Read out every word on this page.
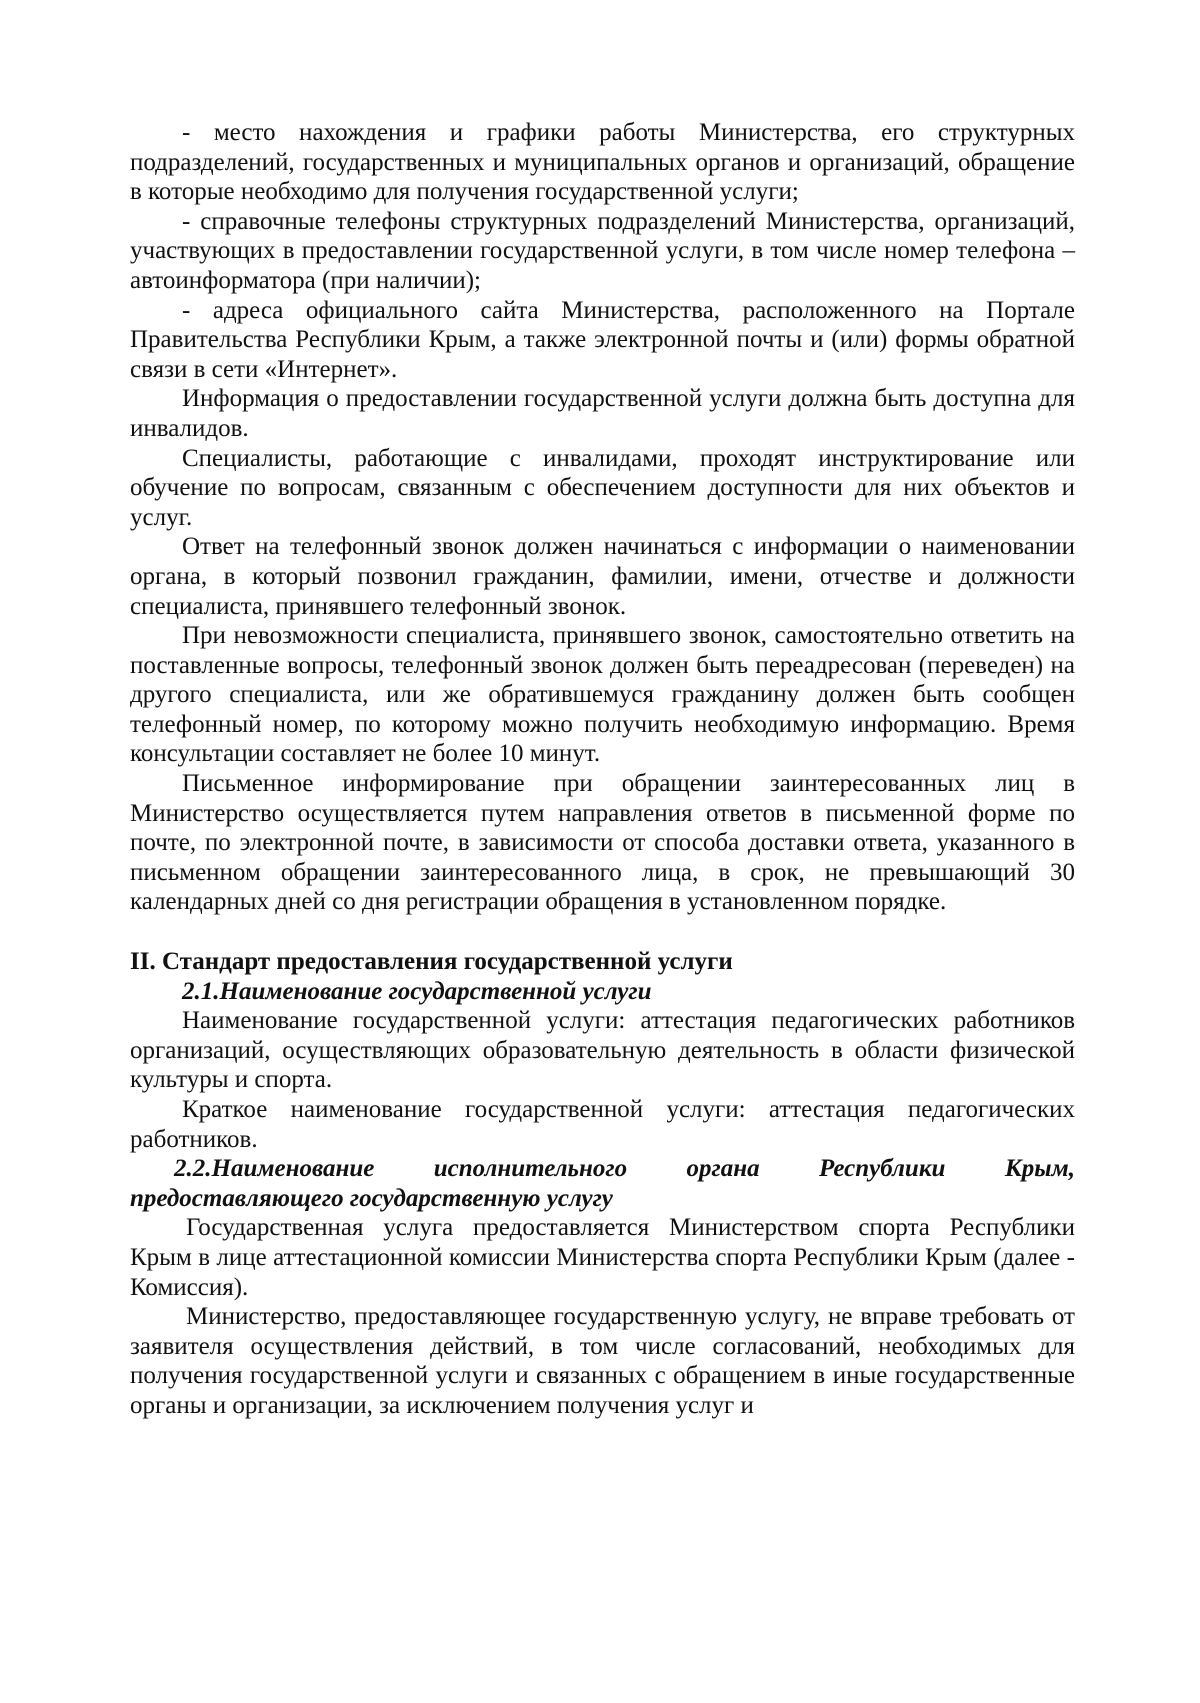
- место нахождения и графики работы Министерства, его структурных подразделений, государственных и муниципальных органов и организаций, обращение в которые необходимо для получения государственной услуги;

- справочные телефоны структурных подразделений Министерства, организаций, участвующих в предоставлении государственной услуги, в том числе номер телефона – автоинформатора (при наличии);

- адреса официального сайта Министерства, расположенного на Портале Правительства Республики Крым, а также электронной почты и (или) формы обратной связи в сети «Интернет».

Информация о предоставлении государственной услуги должна быть доступна для инвалидов.

Специалисты, работающие с инвалидами, проходят инструктирование или обучение по вопросам, связанным с обеспечением доступности для них объектов и услуг.

Ответ на телефонный звонок должен начинаться с информации о наименовании органа, в который позвонил гражданин, фамилии, имени, отчестве и должности специалиста, принявшего телефонный звонок.

При невозможности специалиста, принявшего звонок, самостоятельно ответить на поставленные вопросы, телефонный звонок должен быть переадресован (переведен) на другого специалиста, или же обратившемуся гражданину должен быть сообщен телефонный номер, по которому можно получить необходимую информацию. Время консультации составляет не более 10 минут.

Письменное информирование при обращении заинтересованных лиц в Министерство осуществляется путем направления ответов в письменной форме по почте, по электронной почте, в зависимости от способа доставки ответа, указанного в письменном обращении заинтересованного лица, в срок, не превышающий 30 календарных дней со дня регистрации обращения в установленном порядке.

II. Стандарт предоставления государственной услуги
2.1.Наименование государственной услуги

Наименование государственной услуги: аттестация педагогических работников организаций, осуществляющих образовательную деятельность в области физической культуры и спорта.

Краткое наименование государственной услуги: аттестация педагогических работников.

2.2.Наименование исполнительного органа Республики Крым, предоставляющего государственную услугу

Государственная услуга предоставляется Министерством спорта Республики Крым в лице аттестационной комиссии Министерства спорта Республики Крым (далее - Комиссия).

Министерство, предоставляющее государственную услугу, не вправе требовать от заявителя осуществления действий, в том числе согласований, необходимых для получения государственной услуги и связанных с обращением в иные государственные органы и организации, за исключением получения услуг и
